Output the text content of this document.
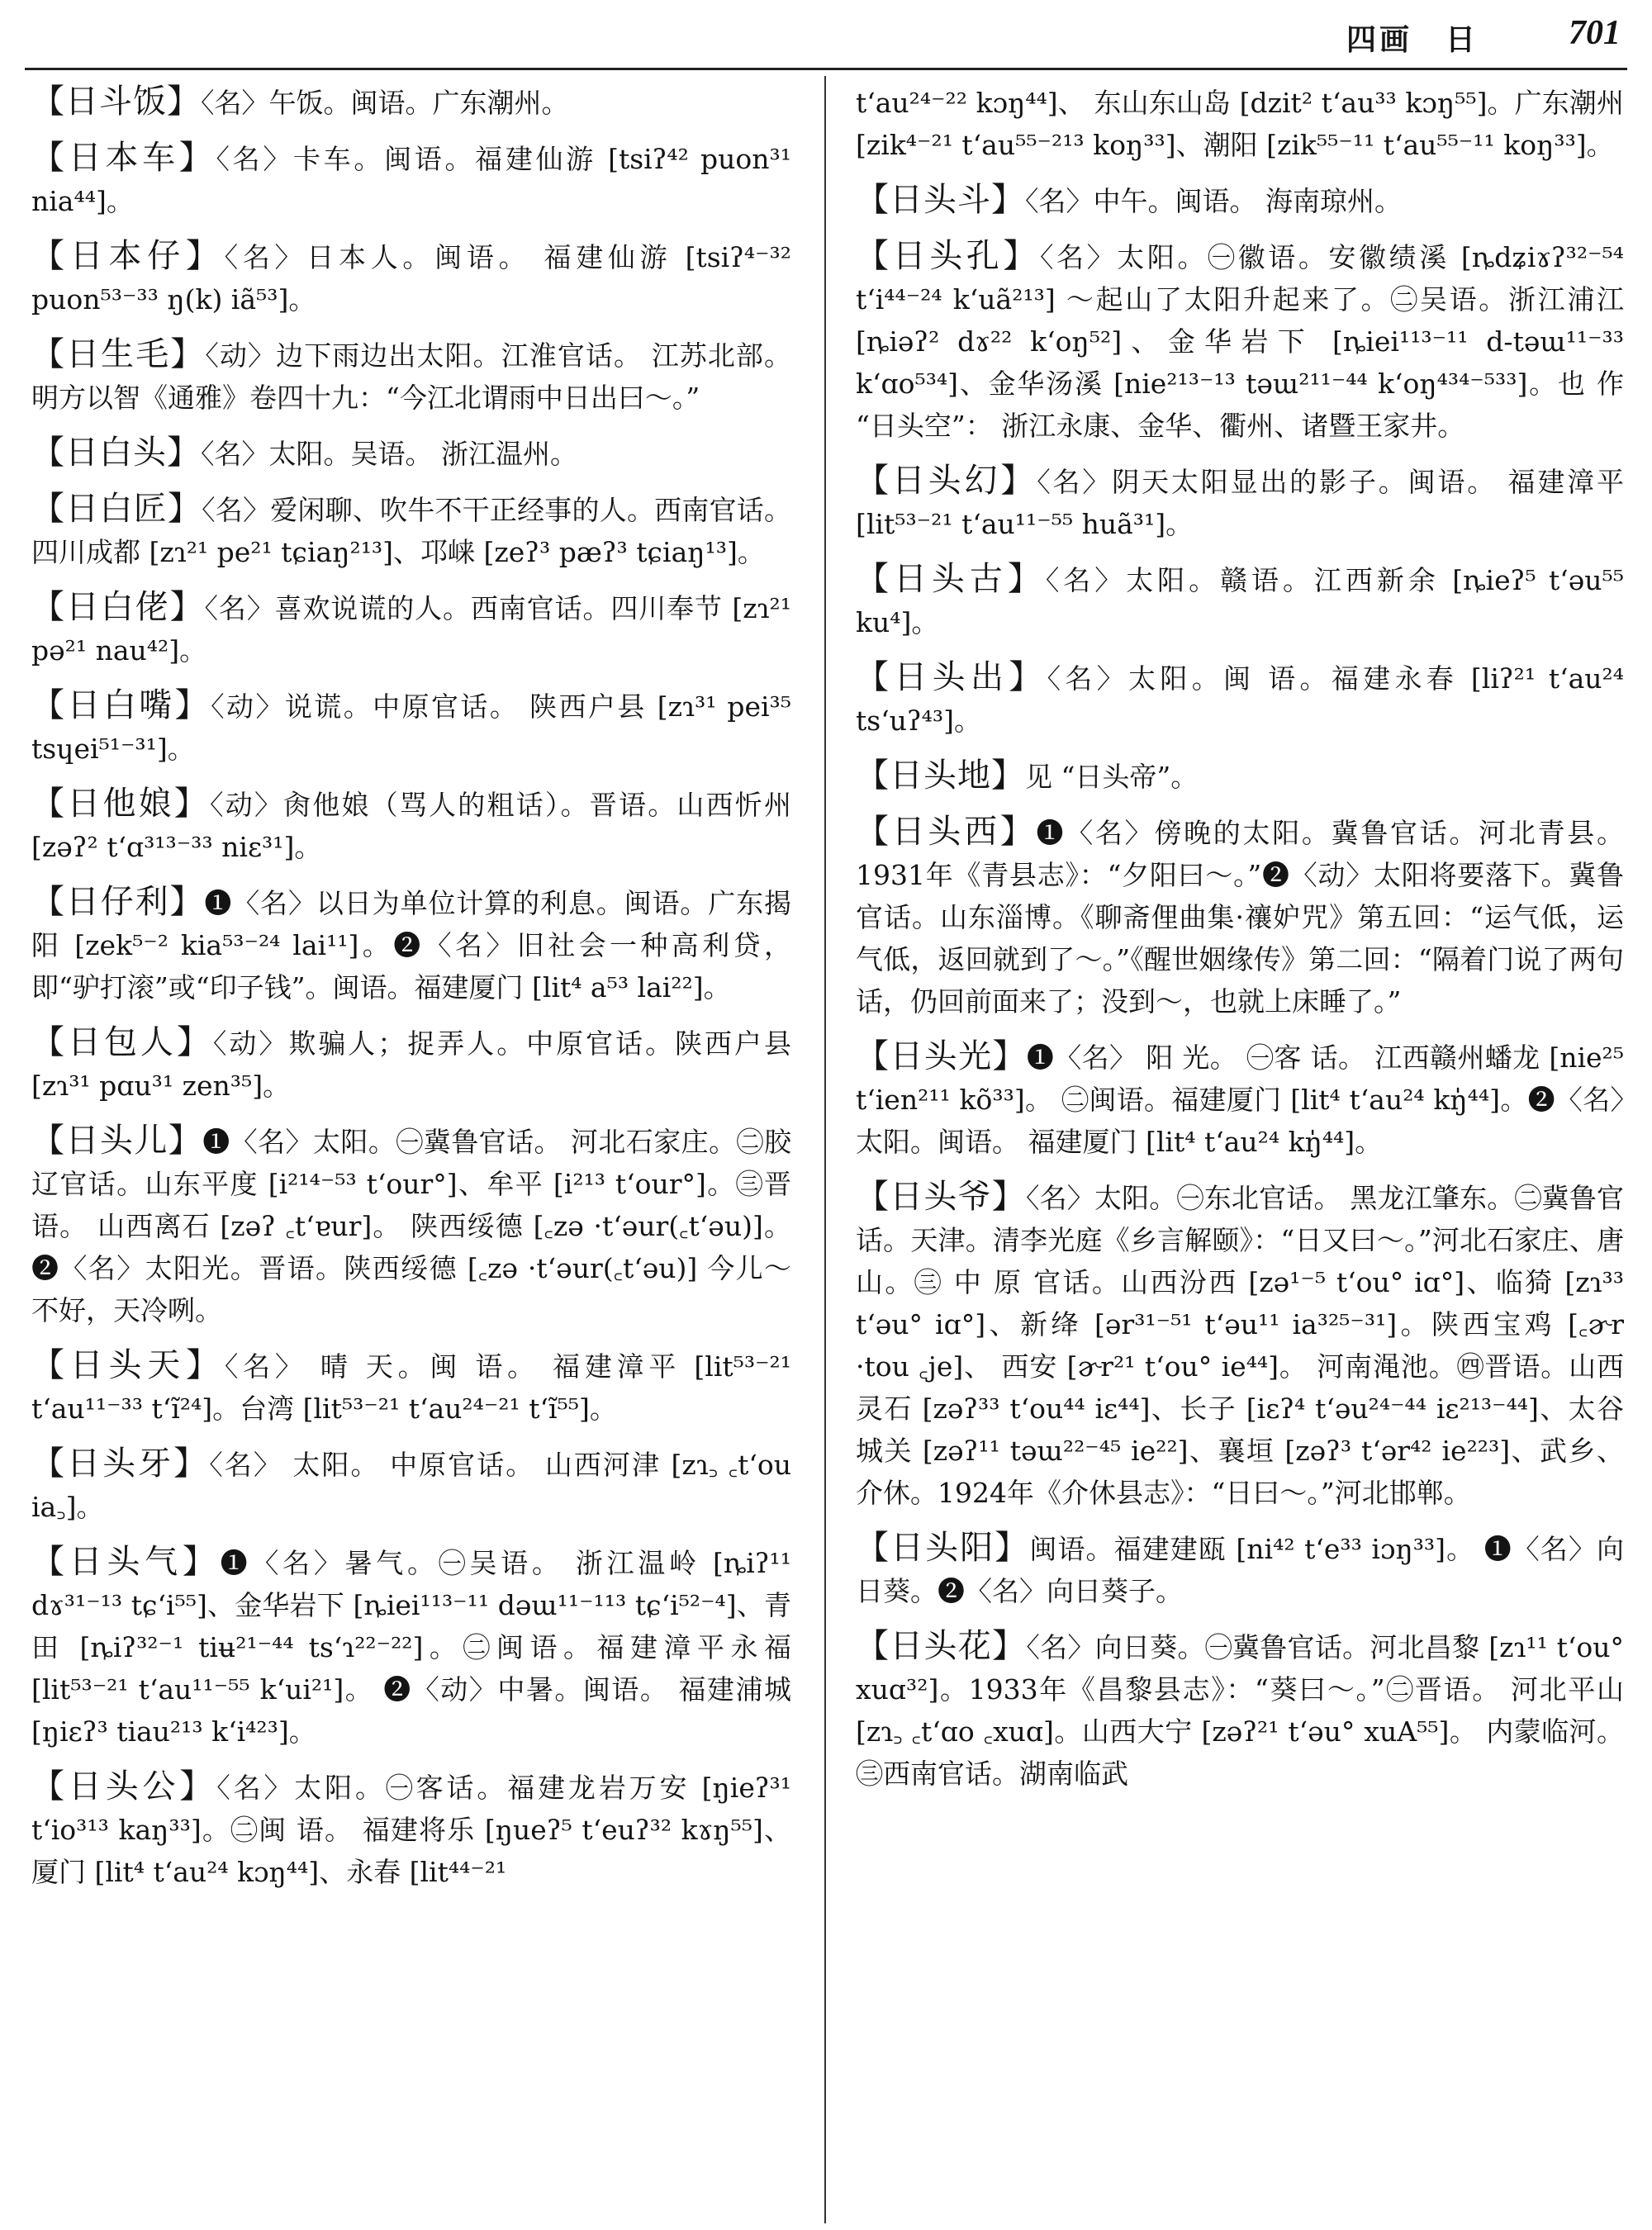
四画　日	701
【日斗饭】〈名〉午饭。闽语。广东潮州。
【日本车】〈名〉卡车。闽语。福建仙游 [tsiʔ⁴² puon³¹ nia⁴⁴]。
【日本仔】〈名〉日本人。闽语。 福建仙游 [tsiʔ⁴⁻³² puon⁵³⁻³³ ŋ(k) iã⁵³]。
【日生毛】〈动〉边下雨边出太阳。江淮官话。 江苏北部。明方以智《通雅》卷四十九：“今江北谓雨中日出曰～。”
【日白头】〈名〉太阳。吴语。 浙江温州。
【日白匠】〈名〉爱闲聊、吹牛不干正经事的人。西南官话。四川成都 [zɿ²¹ pe²¹ tɕiaŋ²¹³]、邛崃 [zeʔ³ pæʔ³ tɕiaŋ¹³]。
【日白佬】〈名〉喜欢说谎的人。西南官话。四川奉节 [zɿ²¹ pə²¹ nau⁴²]。
【日白嘴】〈动〉说谎。中原官话。 陕西户县 [zɿ³¹ pei³⁵ tsɥei⁵¹⁻³¹]。
【日他娘】〈动〉肏他娘（骂人的粗话）。晋语。山西忻州 [zəʔ² t‘ɑ³¹³⁻³³ niɛ³¹]。
【日仔利】❶〈名〉以日为单位计算的利息。闽语。广东揭阳 [zek⁵⁻² kia⁵³⁻²⁴ lai¹¹]。❷〈名〉旧社会一种高利贷，即“驴打滚”或“印子钱”。闽语。福建厦门 [lit⁴ a⁵³ lai²²]。
【日包人】〈动〉欺骗人；捉弄人。中原官话。陕西户县 [zɿ³¹ pɑu³¹ zen³⁵]。
【日头儿】❶〈名〉太阳。㊀冀鲁官话。 河北石家庄。㊁胶辽官话。山东平度 [i²¹⁴⁻⁵³ t‘our°]、牟平 [i²¹³ t‘our°]。㊂晋语。 山西离石 [zəʔ ꜀t‘ɐur]。 陕西绥德 [꜀zə ·t‘əur(꜀t‘əu)]。 ❷〈名〉太阳光。晋语。陕西绥德 [꜀zə ·t‘əur(꜀t‘əu)] 今儿～不好，天冷咧。
【日头天】〈名〉 晴 天。闽 语。 福建漳平 [lit⁵³⁻²¹ t‘au¹¹⁻³³ t‘ĩ²⁴]。台湾 [lit⁵³⁻²¹ t‘au²⁴⁻²¹ t‘ĩ⁵⁵]。
【日头牙】〈名〉 太阳。 中原官话。 山西河津 [zɿ꜆ ꜀t‘ou ia꜆]。
【日头气】❶〈名〉暑气。㊀吴语。 浙江温岭 [ȵiʔ¹¹ dɤ³¹⁻¹³ tɕ‘i⁵⁵]、金华岩下 [ȵiei¹¹³⁻¹¹ dəɯ¹¹⁻¹¹³ tɕ‘i⁵²⁻⁴]、青田 [ȵiʔ³²⁻¹ tiʉ²¹⁻⁴⁴ ts‘ɿ²²⁻²²]。㊁闽语。福建漳平永福 [lit⁵³⁻²¹ t‘au¹¹⁻⁵⁵ k‘ui²¹]。 ❷〈动〉中暑。闽语。 福建浦城 [ŋiɛʔ³ tiau²¹³ k‘i⁴²³]。
【日头公】〈名〉太阳。㊀客话。福建龙岩万安 [ŋieʔ³¹ t‘io³¹³ kaŋ³³]。㊁闽 语。 福建将乐 [ŋueʔ⁵ t‘euʔ³² kɤŋ⁵⁵]、厦门 [lit⁴ t‘au²⁴ kɔŋ⁴⁴]、永春 [lit⁴⁴⁻²¹
t‘au²⁴⁻²² kɔŋ⁴⁴]、 东山东山岛 [dzit² t‘au³³ kɔŋ⁵⁵]。广东潮州 [zik⁴⁻²¹ t‘au⁵⁵⁻²¹³ koŋ³³]、潮阳 [zik⁵⁵⁻¹¹ t‘au⁵⁵⁻¹¹ koŋ³³]。
【日头斗】〈名〉中午。闽语。 海南琼州。
【日头孔】〈名〉太阳。㊀徽语。安徽绩溪 [ȵdʑiɤʔ³²⁻⁵⁴ t‘i⁴⁴⁻²⁴ k‘uã²¹³] ～起山了太阳升起来了。㊁吴语。浙江浦江 [ȵiəʔ² dɤ²² k‘oŋ⁵²]、金华岩下 [ȵiei¹¹³⁻¹¹ d-təɯ¹¹⁻³³ k‘ɑo⁵³⁴]、金华汤溪 [nie²¹³⁻¹³ təɯ²¹¹⁻⁴⁴ k‘oŋ⁴³⁴⁻⁵³³]。也 作 “日头空”： 浙江永康、金华、衢州、诸暨王家井。
【日头幻】〈名〉阴天太阳显出的影子。闽语。 福建漳平 [lit⁵³⁻²¹ t‘au¹¹⁻⁵⁵ huã³¹]。
【日头古】〈名〉太阳。赣语。江西新余 [ȵieʔ⁵ t‘əu⁵⁵ ku⁴]。
【日头出】〈名〉太阳。闽 语。福建永春 [liʔ²¹ t‘au²⁴ ts‘uʔ⁴³]。
【日头地】见 “日头帝”。
【日头西】❶〈名〉傍晚的太阳。冀鲁官话。河北青县。1931年《青县志》：“夕阳曰～。”❷〈动〉太阳将要落下。冀鲁官话。山东淄博。《聊斋俚曲集·禳妒咒》第五回：“运气低，运气低，返回就到了～。”《醒世姻缘传》第二回：“隔着门说了两句话，仍回前面来了；没到～，也就上床睡了。”
【日头光】❶〈名〉 阳 光。 ㊀客 话。 江西赣州蟠龙 [nie²⁵ t‘ien²¹¹ kõ³³]。 ㊁闽语。福建厦门 [lit⁴ t‘au²⁴ kŋ̍⁴⁴]。❷〈名〉太阳。闽语。 福建厦门 [lit⁴ t‘au²⁴ kŋ̍⁴⁴]。
【日头爷】〈名〉太阳。㊀东北官话。 黑龙江肇东。㊁冀鲁官话。天津。清李光庭《乡言解颐》：“日又曰～。”河北石家庄、唐山。㊂ 中 原 官话。山西汾西 [zə¹⁻⁵ t‘ou° iɑ°]、临猗 [zɿ³³ t‘əu° iɑ°]、新绛 [ər³¹⁻⁵¹ t‘əu¹¹ ia³²⁵⁻³¹]。陕西宝鸡 [꜀ɚr ·tou ꜀je]、 西安 [ɚr²¹ t‘ou° ie⁴⁴]。 河南渑池。㊃晋语。山西灵石 [zəʔ³³ t‘ou⁴⁴ iɛ⁴⁴]、长子 [iɛʔ⁴ t‘əu²⁴⁻⁴⁴ iɛ²¹³⁻⁴⁴]、太谷城关 [zəʔ¹¹ təɯ²²⁻⁴⁵ ie²²]、襄垣 [zəʔ³ t‘ər⁴² ie²²³]、武乡、介休。1924年《介休县志》：“日曰～。”河北邯郸。
【日头阳】闽语。福建建瓯 [ni⁴² t‘e³³ iɔŋ³³]。 ❶〈名〉向日葵。❷〈名〉向日葵子。
【日头花】〈名〉向日葵。㊀冀鲁官话。河北昌黎 [zɿ¹¹ t‘ou° xuɑ³²]。1933年《昌黎县志》：“葵曰～。”㊁晋语。 河北平山 [zɿ꜆ ꜀t‘ɑo ꜀xuɑ]。山西大宁 [zəʔ²¹ t‘əu° xuA⁵⁵]。 内蒙临河。㊂西南官话。湖南临武
